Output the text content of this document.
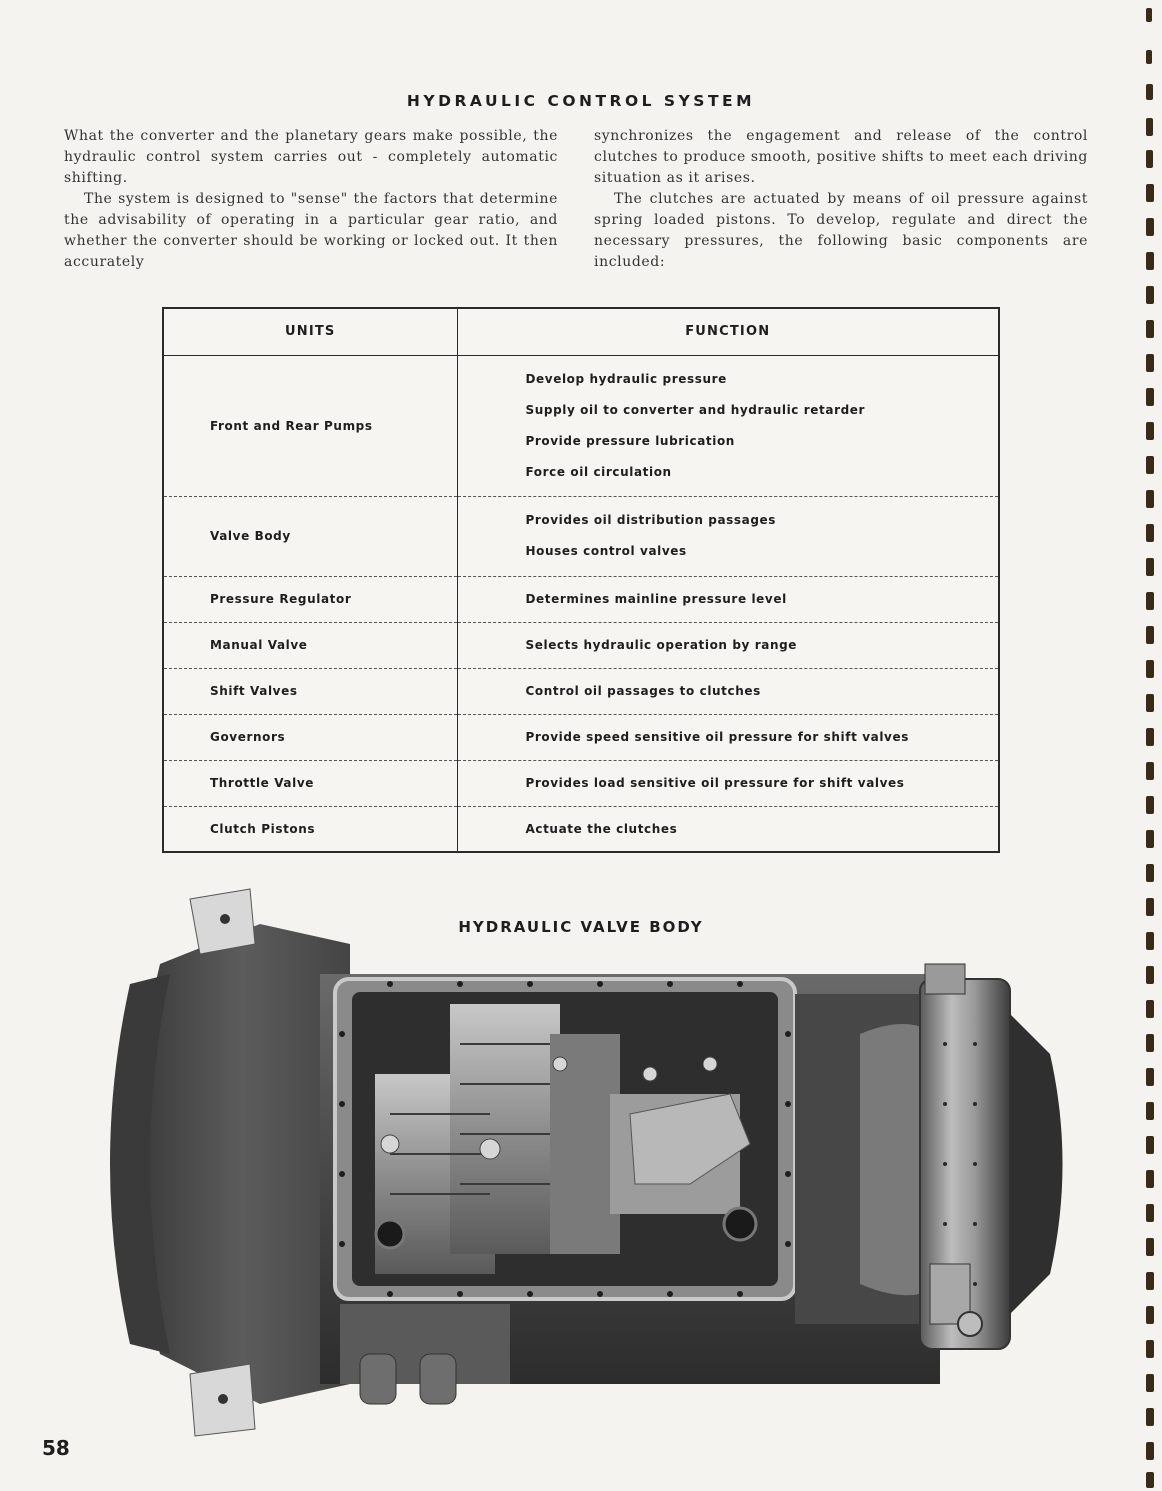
HYDRAULIC CONTROL SYSTEM

What the converter and the planetary gears make possible, the hydraulic control system carries out - completely automatic shifting.

The system is designed to "sense" the factors that determine the advisability of operating in a particular gear ratio, and whether the converter should be working or locked out. It then accurately

synchronizes the engagement and release of the control clutches to produce smooth, positive shifts to meet each driving situation as it arises.

The clutches are actuated by means of oil pressure against spring loaded pistons. To develop, regulate and direct the necessary pressures, the following basic components are included:

UNITS	FUNCTION
Front and Rear Pumps	Develop hydraulic pressure
Supply oil to converter and hydraulic retarder
Provide pressure lubrication
Force oil circulation

Valve Body	Provides oil distribution passages
Houses control valves

Pressure Regulator	Determines mainline pressure level
Manual Valve	Selects hydraulic operation by range
Shift Valves	Control oil passages to clutches
Governors	Provide speed sensitive oil pressure for shift valves
Throttle Valve	Provides load sensitive oil pressure for shift valves
Clutch Pistons	Actuate the clutches
HYDRAULIC VALVE BODY
58
